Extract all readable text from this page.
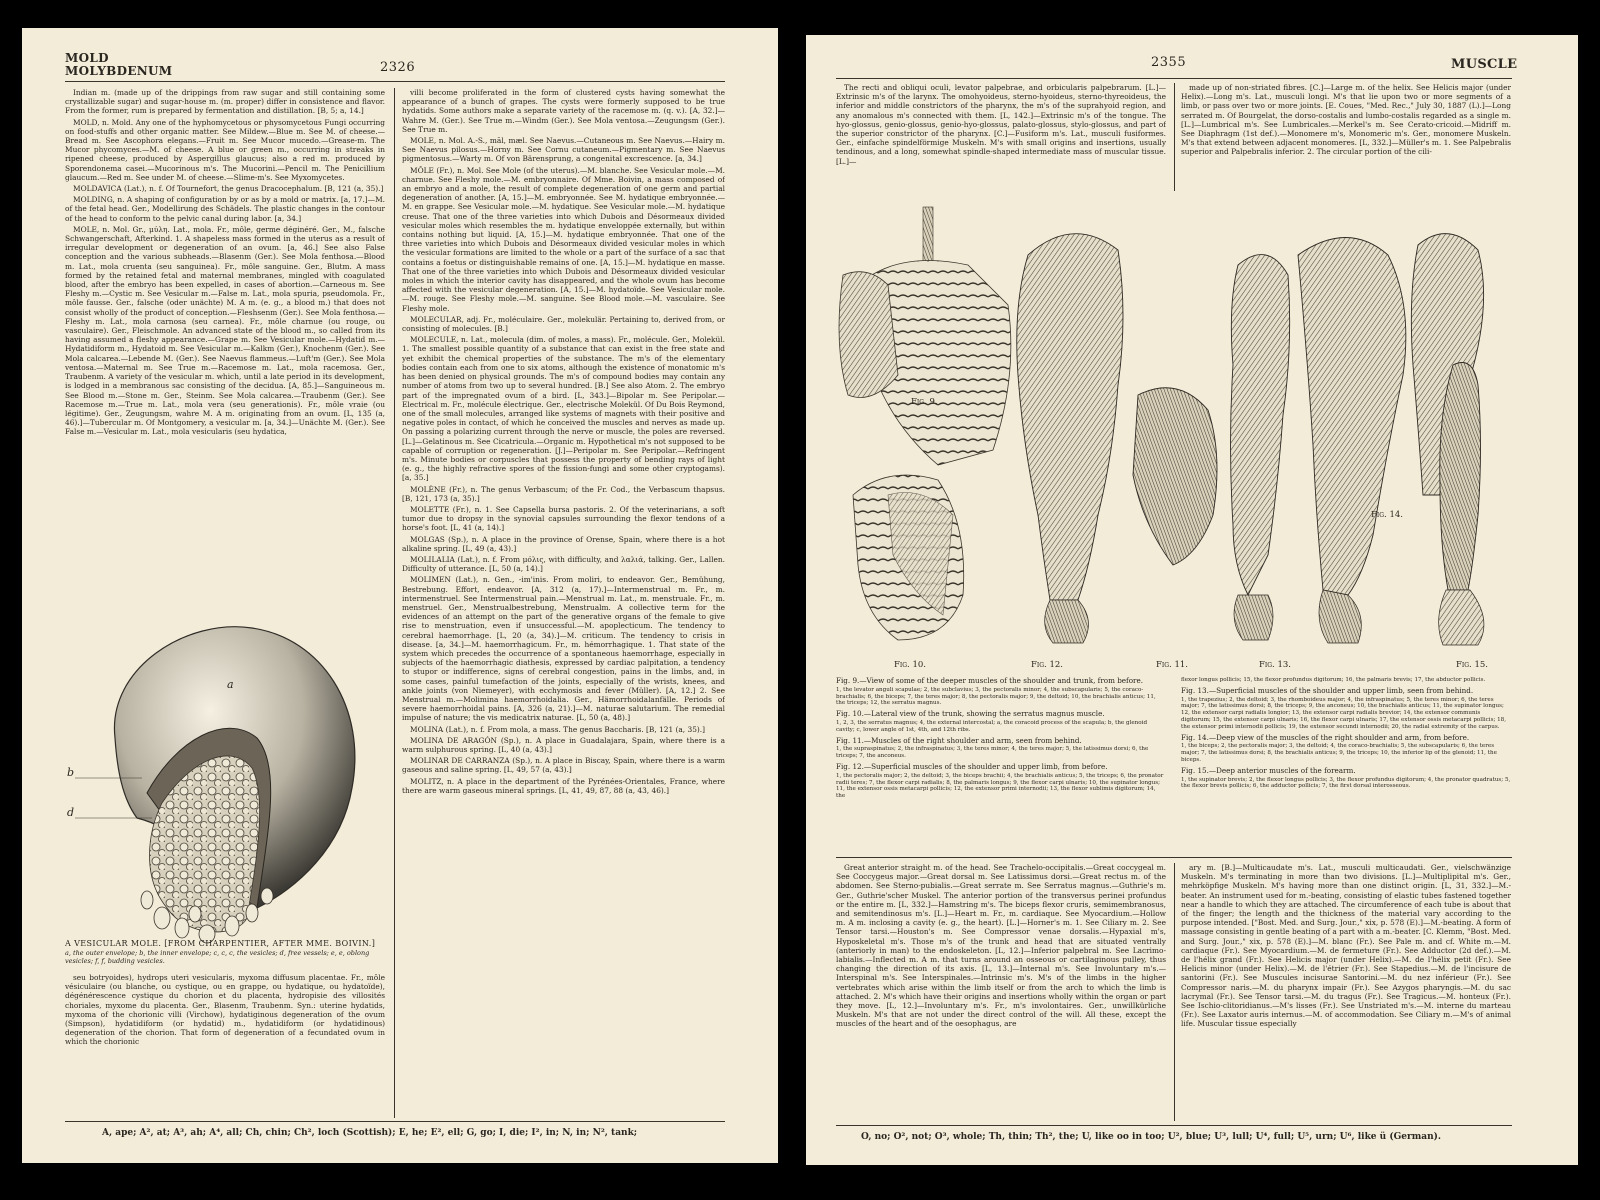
MOLD
MOLYBDENUM	2326

Indian m. (made up of the drippings from raw sugar and still containing some crystallizable sugar) and sugar-house m. (m. proper) differ in consistence and flavor. From the former, rum is prepared by fermentation and distillation. [B, 5; a, 14.]

MOLD, n. Mold. Any one of the hyphomycetous or physomycetous Fungi occurring on food-stuffs and other organic matter. See Mildew.—Blue m. See M. of cheese.—Bread m. See Ascophora elegans.—Fruit m. See Mucor mucedo.—Grease-m. The Mucor phycomyces.—M. of cheese. A blue or green m., occurring in streaks in ripened cheese, produced by Aspergillus glaucus; also a red m. produced by Sporendonema casei.—Mucorinous m's. The Mucorini.—Pencil m. The Penicillium glaucum.—Red m. See under M. of cheese.—Slime-m's. See Myxomycetes.

MOLDAVICA (Lat.), n. f. Of Tournefort, the genus Dracocephalum. [B, 121 (a, 35).]

MOLDING, n. A shaping of configuration by or as by a mold or matrix. [a, 17.]—M. of the fetal head. Ger., Modellirung des Schädels. The plastic changes in the contour of the head to conform to the pelvic canal during labor. [a, 34.]

MOLE, n. Mol. Gr., μύλη. Lat., mola. Fr., môle, germe déginéré. Ger., M., falsche Schwangerschaft, Afterkind. 1. A shapeless mass formed in the uterus as a result of irregular development or degeneration of an ovum. [a, 46.] See also False conception and the various subheads.—Blasenm (Ger.). See Mola fenthosa.—Blood m. Lat., mola cruenta (seu sanguinea). Fr., môle sanguine. Ger., Blutm. A mass formed by the retained fetal and maternal membranes, mingled with coagulated blood, after the embryo has been expelled, in cases of abortion.—Carneous m. See Fleshy m.—Cystic m. See Vesicular m.—False m. Lat., mola spuria, pseudomola. Fr., môle fausse. Ger., falsche (oder unächte) M. A m. (e. g., a blood m.) that does not consist wholly of the product of conception.—Fleshsenm (Ger.). See Mola fenthosa.—Fleshy m. Lat., mola carnosa (seu carnea). Fr., môle charnue (ou rouge, ou vasculaire). Ger., Fleischmole. An advanced state of the blood m., so called from its having assumed a fleshy appearance.—Grape m. See Vesicular mole.—Hydatid m.—Hydatidiform m., Hydatoid m. See Vesicular m.—Kalkm (Ger.), Knochenm (Ger.). See Mola calcarea.—Lebende M. (Ger.). See Naevus flammeus.—Luft'm (Ger.). See Mola ventosa.—Maternal m. See True m.—Racemose m. Lat., mola racemosa. Ger., Traubenm. A variety of the vesicular m. which, until a late period in its development, is lodged in a membranous sac consisting of the decidua. [A, 85.]—Sanguineous m. See Blood m.—Stone m. Ger., Steinm. See Mola calcarea.—Traubenm (Ger.). See Racemose m.—True m. Lat., mola vera (seu generationis). Fr., môle vraie (ou légitime). Ger., Zeugungsm, wahre M. A m. originating from an ovum. [L, 135 (a, 46).]—Tubercular m. Of Montgomery, a vesicular m. [a, 34.]—Unächte M. (Ger.). See False m.—Vesicular m. Lat., mola vesicularis (seu hydatica,

a
b
d
A VESICULAR MOLE. [FROM CHARPENTIER, AFTER MME. BOIVIN.]
a, the outer envelope; b, the inner envelope; c, c, c, the vesicles; d, free vessels; e, e, oblong vesicles; f, f, budding vesicles.

seu botryoides), hydrops uteri vesicularis, myxoma diffusum placentae. Fr., môle vésiculaire (ou blanche, ou cystique, ou en grappe, ou hydatique, ou hydatoïde), dégénérescence cystique du chorion et du placenta, hydropisie des villosités choriales, myxome du placenta. Ger., Blasenm, Traubenm. Syn.: uterine hydatids, myxoma of the chorionic villi (Virchow), hydatiginous degeneration of the ovum (Simpson), hydatidiform (or hydatid) m., hydatidiform (or hydatidinous) degeneration of the chorion. That form of degeneration of a fecundated ovum in which the chorionic

villi become proliferated in the form of clustered cysts having somewhat the appearance of a bunch of grapes. The cysts were formerly supposed to be true hydatids. Some authors make a separate variety of the racemose m. (q. v.). [A, 32.]—Wahre M. (Ger.). See True m.—Windm (Ger.). See Mola ventosa.—Zeugungsm (Ger.). See True m.

MOLE, n. Mol. A.-S., māl, mæl. See Naevus.—Cutaneous m. See Naevus.—Hairy m. See Naevus pilosus.—Horny m. See Cornu cutaneum.—Pigmentary m. See Naevus pigmentosus.—Warty m. Of von Bärensprung, a congenital excrescence. [a, 34.]

MÔLE (Fr.), n. Mol. See Mole (of the uterus).—M. blanche. See Vesicular mole.—M. charnue. See Fleshy mole.—M. embryonnaire. Of Mme. Boivin, a mass composed of an embryo and a mole, the result of complete degeneration of one germ and partial degeneration of another. [A, 15.]—M. embryonnée. See M. hydatique embryonnée.—M. en grappe. See Vesicular mole.—M. hydatique. See Vesicular mole.—M. hydatique creuse. That one of the three varieties into which Dubois and Désormeaux divided vesicular moles which resembles the m. hydatique enveloppée externally, but within contains nothing but liquid. [A, 15.]—M. hydatique embryonnée. That one of the three varieties into which Dubois and Désormeaux divided vesicular moles in which the vesicular formations are limited to the whole or a part of the surface of a sac that contains a foetus or distinguishable remains of one. [A, 15.]—M. hydatique en masse. That one of the three varieties into which Dubois and Désormeaux divided vesicular moles in which the interior cavity has disappeared, and the whole ovum has become affected with the vesicular degeneration. [A, 15.]—M. hydatoïde. See Vesicular mole.—M. rouge. See Fleshy mole.—M. sanguine. See Blood mole.—M. vasculaire. See Fleshy mole.

MOLECULAR, adj. Fr., moléculaire. Ger., molekulär. Pertaining to, derived from, or consisting of molecules. [B.]

MOLECULE, n. Lat., molecula (dim. of moles, a mass). Fr., molécule. Ger., Molekül. 1. The smallest possible quantity of a substance that can exist in the free state and yet exhibit the chemical properties of the substance. The m's of the elementary bodies contain each from one to six atoms, although the existence of monatomic m's has been denied on physical grounds. The m's of compound bodies may contain any number of atoms from two up to several hundred. [B.] See also Atom. 2. The embryo part of the impregnated ovum of a bird. [L, 343.]—Bipolar m. See Peripolar.—Electrical m. Fr., molécule électrique. Ger., electrische Molekül. Of Du Bois Reymond, one of the small molecules, arranged like systems of magnets with their positive and negative poles in contact, of which he conceived the muscles and nerves as made up. On passing a polarizing current through the nerve or muscle, the poles are reversed. [L.]—Gelatinous m. See Cicatricula.—Organic m. Hypothetical m's not supposed to be capable of corruption or regeneration. [J.]—Peripolar m. See Peripolar.—Refringent m's. Minute bodies or corpuscles that possess the property of bending rays of light (e. g., the highly refractive spores of the fission-fungi and some other cryptogams). [a, 35.]

MOLÈNE (Fr.), n. The genus Verbascum; of the Fr. Cod., the Verbascum thapsus. [B, 121, 173 (a, 35).]

MOLETTE (Fr.), n. 1. See Capsella bursa pastoris. 2. Of the veterinarians, a soft tumor due to dropsy in the synovial capsules surrounding the flexor tendons of a horse's foot. [L, 41 (a, 14).]

MOLGAS (Sp.), n. A place in the province of Orense, Spain, where there is a hot alkaline spring. [L, 49 (a, 43).]

MOLILALIA (Lat.), n. f. From μόλις, with difficulty, and λαλιά, talking. Ger., Lallen. Difficulty of utterance. [L, 50 (a, 14).]

MOLIMEN (Lat.), n. Gen., -im'inis. From moliri, to endeavor. Ger., Bemühung, Bestrebung. Effort, endeavor. [A, 312 (a, 17).]—Intermenstrual m. Fr., m. intermenstruel. See Intermenstrual pain.—Menstrual m. Lat., m. menstruale. Fr., m. menstruel. Ger., Menstrualbestrebung, Menstrualm. A collective term for the evidences of an attempt on the part of the generative organs of the female to give rise to menstruation, even if unsuccessful.—M. apoplecticum. The tendency to cerebral haemorrhage. [L, 20 (a, 34).]—M. criticum. The tendency to crisis in disease. [a, 34.]—M. haemorrhagicum. Fr., m. hémorrhagique. 1. That state of the system which precedes the occurrence of a spontaneous haemorrhage, especially in subjects of the haemorrhagic diathesis, expressed by cardiac palpitation, a tendency to stupor or indifference, signs of cerebral congestion, pains in the limbs, and, in some cases, painful tumefaction of the joints, especially of the wrists, knees, and ankle joints (von Niemeyer), with ecchymosis and fever (Müller). [A, 12.] 2. See Menstrual m.—Molimina haemorrhoidalia. Ger., Hämorrhoidalanfälle. Periods of severe haemorrhoidal pains. [A, 326 (a, 21).]—M. naturae salutarium. The remedial impulse of nature; the vis medicatrix naturae. [L, 50 (a, 48).]

MOLINA (Lat.), n. f. From mola, a mass. The genus Baccharis. [B, 121 (a, 35).]

MOLINA DE ARAGÓN (Sp.), n. A place in Guadalajara, Spain, where there is a warm sulphurous spring. [L, 40 (a, 43).]

MOLINAR DE CARRANZA (Sp.), n. A place in Biscay, Spain, where there is a warm gaseous and saline spring. [L, 49, 57 (a, 43).]

MOLITZ, n. A place in the department of the Pyrénées-Orientales, France, where there are warm gaseous mineral springs. [L, 41, 49, 87, 88 (a, 43, 46).]

A, ape; A², at; A³, ah; A⁴, all; Ch, chin; Ch², loch (Scottish); E, he; E², ell; G, go; I, die; I², in; N, in; N², tank;
2355	MUSCLE

The recti and obliqui oculi, levator palpebrae, and orbicularis palpebrarum. [L.]—Extrinsic m's of the larynx. The omohyoideus, sterno-hyoideus, sterno-thyreoideus, the inferior and middle constrictors of the pharynx, the m's of the suprahyoid region, and any anomalous m's connected with them. [L, 142.]—Extrinsic m's of the tongue. The hyo-glossus, genio-glossus, genio-hyo-glossus, palato-glossus, stylo-glossus, and part of the superior constrictor of the pharynx. [C.]—Fusiform m's. Lat., musculi fusiformes. Ger., einfache spindelförmige Muskeln. M's with small origins and insertions, usually tendinous, and a long, somewhat spindle-shaped intermediate mass of muscular tissue. [L.]—

made up of non-striated fibres. [C.]—Large m. of the helix. See Helicis major (under Helix).—Long m's. Lat., musculi longi. M's that lie upon two or more segments of a limb, or pass over two or more joints. [E. Coues, "Med. Rec.," July 30, 1887 (L).]—Long serrated m. Of Bourgelat, the dorso-costalis and lumbo-costalis regarded as a single m. [L.]—Lumbrical m's. See Lumbricales.—Merkel's m. See Cerato-cricoid.—Midriff m. See Diaphragm (1st def.).—Monomere m's, Monomeric m's. Ger., monomere Muskeln. M's that extend between adjacent monomeres. [L, 332.]—Müller's m. 1. See Palpebralis superior and Palpebralis inferior. 2. The circular portion of the cili-

Fig. 9.
Fig. 10.	Fig. 12.	Fig. 11.	Fig. 13.	Fig. 15.
Fig. 14.

Fig. 9.—View of some of the deeper muscles of the shoulder and trunk, from before.

1, the levator anguli scapulae; 2, the subclavius; 3, the pectoralis minor; 4, the subscapularis; 5, the coraco-brachialis; 6, the biceps; 7, the teres major; 8, the pectoralis major; 9, the deltoid; 10, the brachialis anticus; 11, the triceps; 12, the serratus magnus.

Fig. 10.—Lateral view of the trunk, showing the serratus magnus muscle.

1, 2, 3, the serratus magnus; 4, the external intercostal; a, the coracoid process of the scapula; b, the glenoid cavity; c, lower angle of 1st, 4th, and 12th ribs.

Fig. 11.—Muscles of the right shoulder and arm, seen from behind.

1, the supraspinatus; 2, the infraspinatus; 3, the teres minor; 4, the teres major; 5, the latissimus dorsi; 6, the triceps; 7, the anconeus.

Fig. 12.—Superficial muscles of the shoulder and upper limb, from before.

1, the pectoralis major; 2, the deltoid; 3, the biceps brachii; 4, the brachialis anticus; 5, the triceps; 6, the pronator radii teres; 7, the flexor carpi radialis; 8, the palmaris longus; 9, the flexor carpi ulnaris; 10, the supinator longus; 11, the extensor ossis metacarpi pollicis; 12, the extensor primi internodii; 13, the flexor sublimis digitorum; 14, the
flexor longus pollicis; 15, the flexor profundus digitorum; 16, the palmaris brevis; 17, the abductor pollicis.

Fig. 13.—Superficial muscles of the shoulder and upper limb, seen from behind.

1, the trapezius; 2, the deltoid; 3, the rhomboideus major; 4, the infraspinatus; 5, the teres minor; 6, the teres major; 7, the latissimus dorsi; 8, the triceps; 9, the anconeus; 10, the brachialis anticus; 11, the supinator longus; 12, the extensor carpi radialis longior; 13, the extensor carpi radialis brevior; 14, the extensor communis digitorum; 15, the extensor carpi ulnaris; 16, the flexor carpi ulnaris; 17, the extensor ossis metacarpi pollicis; 18, the extensor primi internodii pollicis; 19, the extensor secundi internodii; 20, the radial extremity of the carpus.

Fig. 14.—Deep view of the muscles of the right shoulder and arm, from before.

1, the biceps; 2, the pectoralis major; 3, the deltoid; 4, the coraco-brachialis; 5, the subscapularis; 6, the teres major; 7, the latissimus dorsi; 8, the brachialis anticus; 9, the triceps; 10, the inferior lip of the glenoid; 11, the biceps.

Fig. 15.—Deep anterior muscles of the forearm.

1, the supinator brevis; 2, the flexor longus pollicis; 3, the flexor profundus digitorum; 4, the pronator quadratus; 5, the flexor brevis pollicis; 6, the adductor pollicis; 7, the first dorsal interosseous.

Great anterior straight m. of the head. See Trachelo-occipitalis.—Great coccygeal m. See Coccygeus major.—Great dorsal m. See Latissimus dorsi.—Great rectus m. of the abdomen. See Sterno-pubialis.—Great serrate m. See Serratus magnus.—Guthrie's m. Ger., Guthrie'scher Muskel. The anterior portion of the transversus perinei profundus or the entire m. [L, 332.]—Hamstring m's. The biceps flexor cruris, semimembranosus, and semitendinosus m's. [L.]—Heart m. Fr., m. cardiaque. See Myocardium.—Hollow m. A m. inclosing a cavity (e. g., the heart). [L.]—Horner's m. 1. See Ciliary m. 2. See Tensor tarsi.—Houston's m. See Compressor venae dorsalis.—Hypaxial m's, Hyposkeletal m's. Those m's of the trunk and head that are situated ventrally (anteriorly in man) to the endoskeleton. [L, 12.]—Inferior palpebral m. See Lacrimo-labialis.—Inflected m. A m. that turns around an osseous or cartilaginous pulley, thus changing the direction of its axis. [L, 13.]—Internal m's. See Involuntary m's.—Interspinal m's. See Interspinales.—Intrinsic m's. M's of the limbs in the higher vertebrates which arise within the limb itself or from the arch to which the limb is attached. 2. M's which have their origins and insertions wholly within the organ or part they move. [L, 12.]—Involuntary m's. Fr., m's involontaires. Ger., unwillkürliche Muskeln. M's that are not under the direct control of the will. All these, except the muscles of the heart and of the oesophagus, are

ary m. [B.]—Multicaudate m's. Lat., musculi multicaudati. Ger., vielschwänzige Muskeln. M's terminating in more than two divisions. [L.]—Multiplipital m's. Ger., mehrköpfige Muskeln. M's having more than one distinct origin. [L, 31, 332.]—M.-beater. An instrument used for m.-beating, consisting of elastic tubes fastened together near a handle to which they are attached. The circumference of each tube is about that of the finger; the length and the thickness of the material vary according to the purpose intended. ["Bost. Med. and Surg. Jour.," xix, p. 578 (E).]—M.-beating. A form of massage consisting in gentle beating of a part with a m.-beater. [C. Klemm, "Bost. Med. and Surg. Jour.," xix, p. 578 (E).]—M. blanc (Fr.). See Pale m. and cf. White m.—M. cardiaque (Fr.). See Myocardium.—M. de fermeture (Fr.). See Adductor (2d def.).—M. de l'hélix grand (Fr.). See Helicis major (under Helix).—M. de l'hélix petit (Fr.). See Helicis minor (under Helix).—M. de l'étrier (Fr.). See Stapedius.—M. de l'incisure de santorini (Fr.). See Muscules incisurae Santorini.—M. du nez inférieur (Fr.). See Compressor naris.—M. du pharynx impair (Fr.). See Azygos pharyngis.—M. du sac lacrymal (Fr.). See Tensor tarsi.—M. du tragus (Fr.). See Tragicus.—M. honteux (Fr.). See Ischio-clitoridianus.—M's lisses (Fr.). See Unstriated m's.—M. interne du marteau (Fr.). See Laxator auris internus.—M. of accommodation. See Ciliary m.—M's of animal life. Muscular tissue especially

O, no; O², not; O³, whole; Th, thin; Th², the; U, like oo in too; U², blue; U³, lull; U⁴, full; U⁵, urn; U⁶, like ü (German).
